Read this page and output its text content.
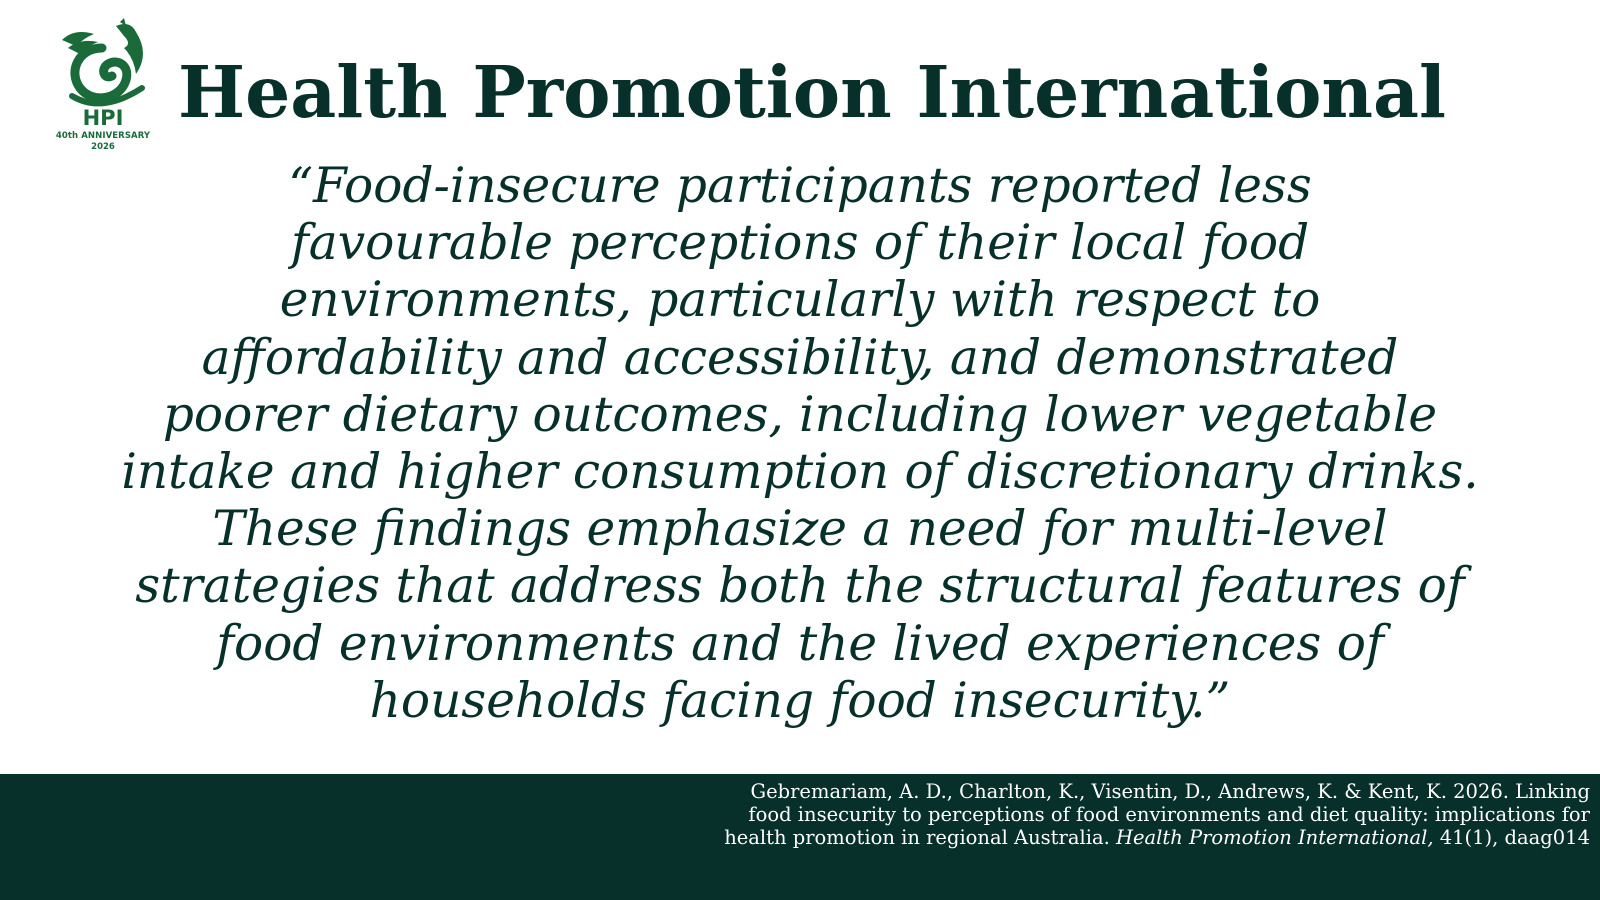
HPI
40th ANNIVERSARY
2026
Health Promotion International

“Food-insecure participants reported less
favourable perceptions of their local food
environments, particularly with respect to
affordability and accessibility, and demonstrated
poorer dietary outcomes, including lower vegetable
intake and higher consumption of discretionary drinks.
These findings emphasize a need for multi-level
strategies that address both the structural features of
food environments and the lived experiences of
households facing food insecurity.”

Gebremariam, A. D., Charlton, K., Visentin, D., Andrews, K. & Kent, K. 2026. Linking
food insecurity to perceptions of food environments and diet quality: implications for
health promotion in regional Australia. Health Promotion International, 41(1), daag014
